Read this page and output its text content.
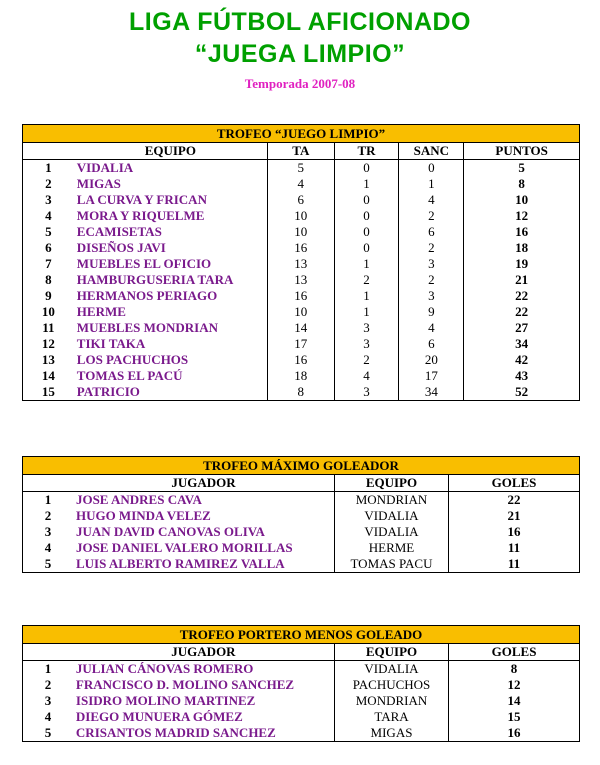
LIGA FÚTBOL AFICIONADO
“JUEGA LIMPIO”
Temporada 2007-08
TROFEO “JUEGO LIMPIO”					
	EQUIPO	TA	TR	SANC	PUNTOS
1	VIDALIA	5	0	0	5
2	MIGAS	4	1	1	8
3	LA CURVA Y FRICAN	6	0	4	10
4	MORA Y RIQUELME	10	0	2	12
5	ECAMISETAS	10	0	6	16
6	DISEÑOS JAVI	16	0	2	18
7	MUEBLES EL OFICIO	13	1	3	19
8	HAMBURGUSERIA TARA	13	2	2	21
9	HERMANOS PERIAGO	16	1	3	22
10	HERME	10	1	9	22
11	MUEBLES MONDRIAN	14	3	4	27
12	TIKI TAKA	17	3	6	34
13	LOS PACHUCHOS	16	2	20	42
14	TOMAS EL PACÚ	18	4	17	43
15	PATRICIO	8	3	34	52
TROFEO MÁXIMO GOLEADOR			
	JUGADOR	EQUIPO	GOLES
1	JOSE ANDRES CAVA	MONDRIAN	22
2	HUGO MINDA VELEZ	VIDALIA	21
3	JUAN DAVID CANOVAS OLIVA	VIDALIA	16
4	JOSE DANIEL VALERO MORILLAS	HERME	11
5	LUIS ALBERTO RAMIREZ VALLA	TOMAS PACU	11
TROFEO PORTERO MENOS GOLEADO			
	JUGADOR	EQUIPO	GOLES
1	JULIAN CÁNOVAS ROMERO	VIDALIA	8
2	FRANCISCO D. MOLINO SANCHEZ	PACHUCHOS	12
3	ISIDRO MOLINO MARTINEZ	MONDRIAN	14
4	DIEGO MUNUERA GÓMEZ	TARA	15
5	CRISANTOS MADRID SANCHEZ	MIGAS	16
